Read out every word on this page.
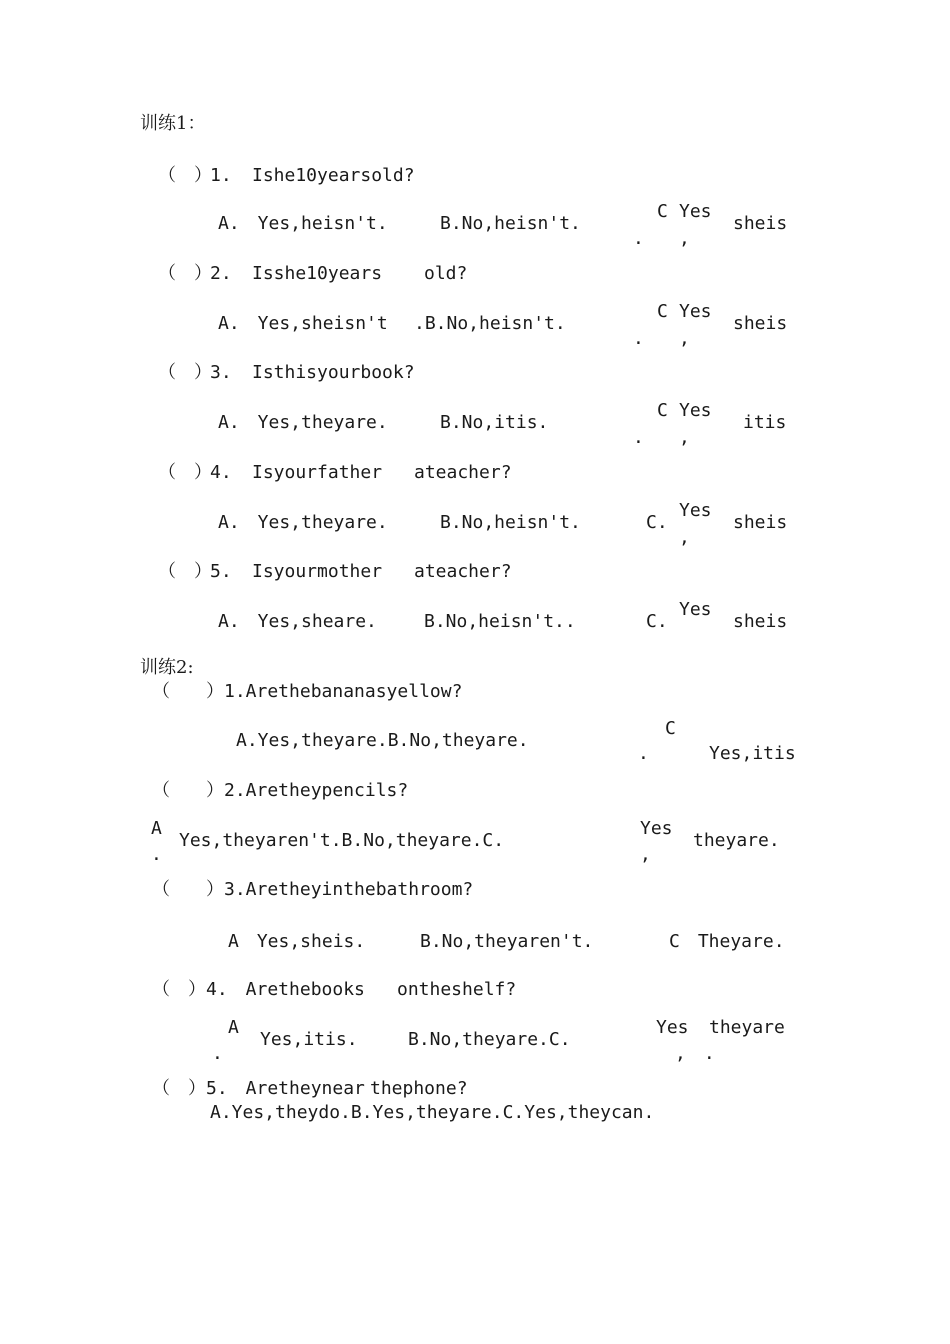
训练1：
（　）
1. Ishe10yearsold?
A.　Yes,heisn't.	B.No,heisn't.
C
.
Yes
,
sheis
（　）
2. Isshe10years old?
A.　Yes,sheisn't .B.No,heisn't.
C
.
Yes
,
sheis
（　）
3. Isthisyourbook?
A.　Yes,theyare.	B.No,itis.
C
.
Yes
,
itis
（　）
4. Isyourfather ateacher?
A.　Yes,theyare.	B.No,heisn't.	C.
Yes
,
sheis
（　）
5. Isyourmother ateacher?
A.　Yes,sheare.	B.No,heisn't..	C.
Yes
sheis
训练2:
（　　）1.Arethebananasyellow?
A.Yes,theyare.B.No,theyare.
C
.	Yes,itis
（　　）2.Aretheypencils?
A
.
Yes,theyaren't.B.No,theyare.C.
Yes
,
theyare.
（　　）3.Aretheyinthebathroom?
A　Yes,sheis.	B.No,theyaren't.	C　Theyare.
（　）4.　Arethebooks ontheshelf?
A
.
Yes,itis.	B.No,theyare.C.
Yes theyare
,　.
（　）5.　Aretheynear thephone?
A.Yes,theydo.B.Yes,theyare.C.Yes,theycan.
